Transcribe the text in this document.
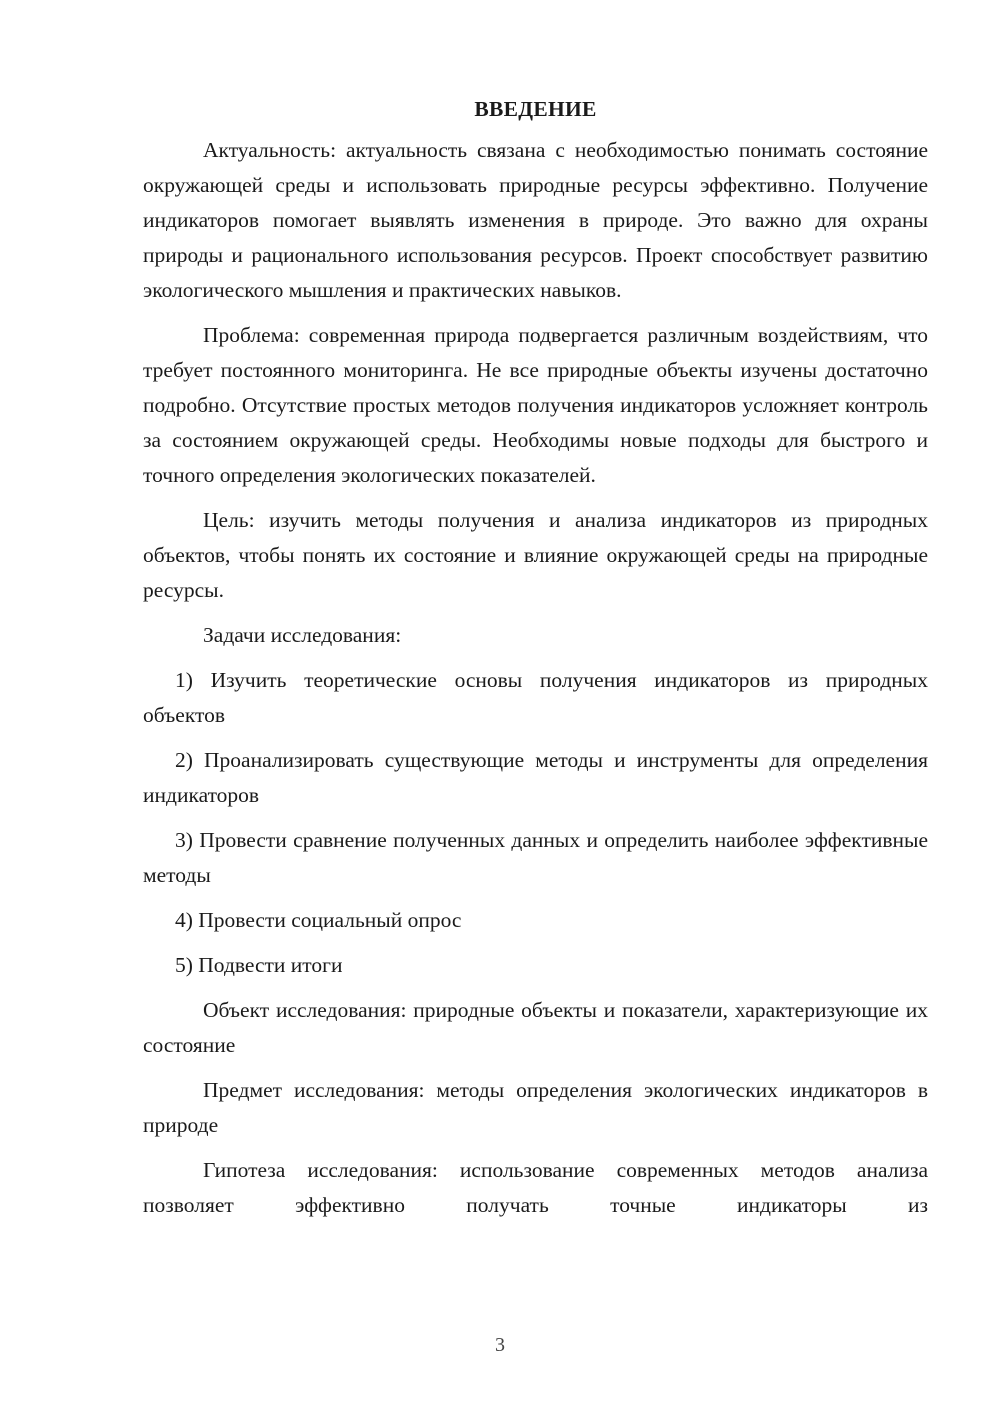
ВВЕДЕНИЕ

Актуальность: актуальность связана с необходимостью понимать состояние окружающей среды и использовать природные ресурсы эффективно. Получение индикаторов помогает выявлять изменения в природе. Это важно для охраны природы и рационального использования ресурсов. Проект способствует развитию экологического мышления и практических навыков.

Проблема: современная природа подвергается различным воздействиям, что требует постоянного мониторинга. Не все природные объекты изучены достаточно подробно. Отсутствие простых методов получения индикаторов усложняет контроль за состоянием окружающей среды. Необходимы новые подходы для быстрого и точного определения экологических показателей.

Цель: изучить методы получения и анализа индикаторов из природных объектов, чтобы понять их состояние и влияние окружающей среды на природные ресурсы.

Задачи исследования:

1) Изучить теоретические основы получения индикаторов из природных объектов

2) Проанализировать существующие методы и инструменты для определения индикаторов

3) Провести сравнение полученных данных и определить наиболее эффективные методы

4) Провести социальный опрос

5) Подвести итоги

Объект исследования: природные объекты и показатели, характеризующие их состояние

Предмет исследования: методы определения экологических индикаторов в природе

Гипотеза исследования: использование современных методов анализа позволяет эффективно получать точные индикаторы из

3
